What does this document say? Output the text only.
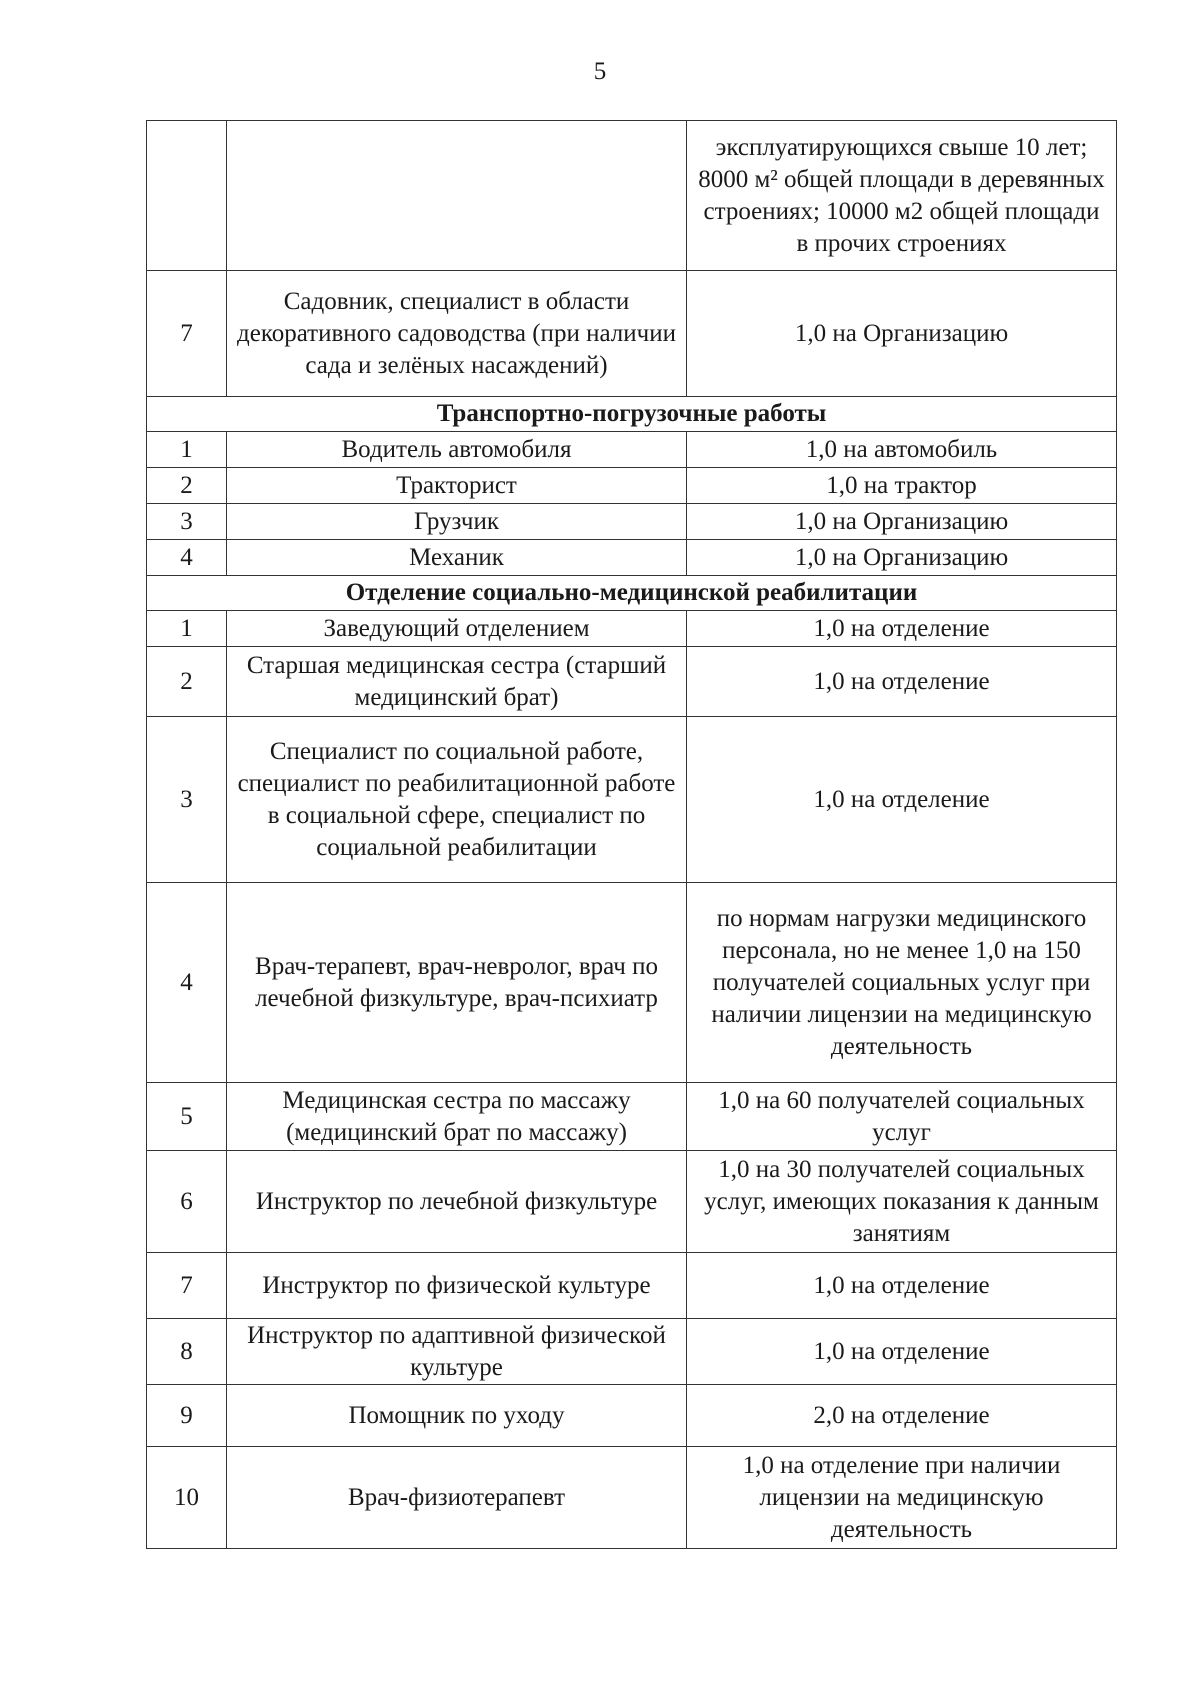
5
		эксплуатирующихся свыше 10 лет; 8000 м² общей площади в деревянных строениях; 10000 м2 общей площади в прочих строениях
7	Садовник, специалист в области декоративного садоводства (при наличии сада и зелёных насаждений)	1,0 на Организацию
Транспортно-погрузочные работы		
1	Водитель автомобиля	1,0 на автомобиль
2	Тракторист	1,0 на трактор
3	Грузчик	1,0 на Организацию
4	Механик	1,0 на Организацию
Отделение социально-медицинской реабилитации		
1	Заведующий отделением	1,0 на отделение
2	Старшая медицинская сестра (старший медицинский брат)	1,0 на отделение
3	Специалист по социальной работе, специалист по реабилитационной работе в социальной сфере, специалист по социальной реабилитации	1,0 на отделение
4	Врач-терапевт, врач-невролог, врач по лечебной физкультуре, врач-психиатр	по нормам нагрузки медицинского персонала, но не менее 1,0 на 150 получателей социальных услуг при наличии лицензии на медицинскую деятельность
5	Медицинская сестра по массажу (медицинский брат по массажу)	1,0 на 60 получателей социальных услуг
6	Инструктор по лечебной физкультуре	1,0 на 30 получателей социальных услуг, имеющих показания к данным занятиям
7	Инструктор по физической культуре	1,0 на отделение
8	Инструктор по адаптивной физической культуре	1,0 на отделение
9	Помощник по уходу	2,0 на отделение
10	Врач-физиотерапевт	1,0 на отделение при наличии лицензии на медицинскую деятельность
